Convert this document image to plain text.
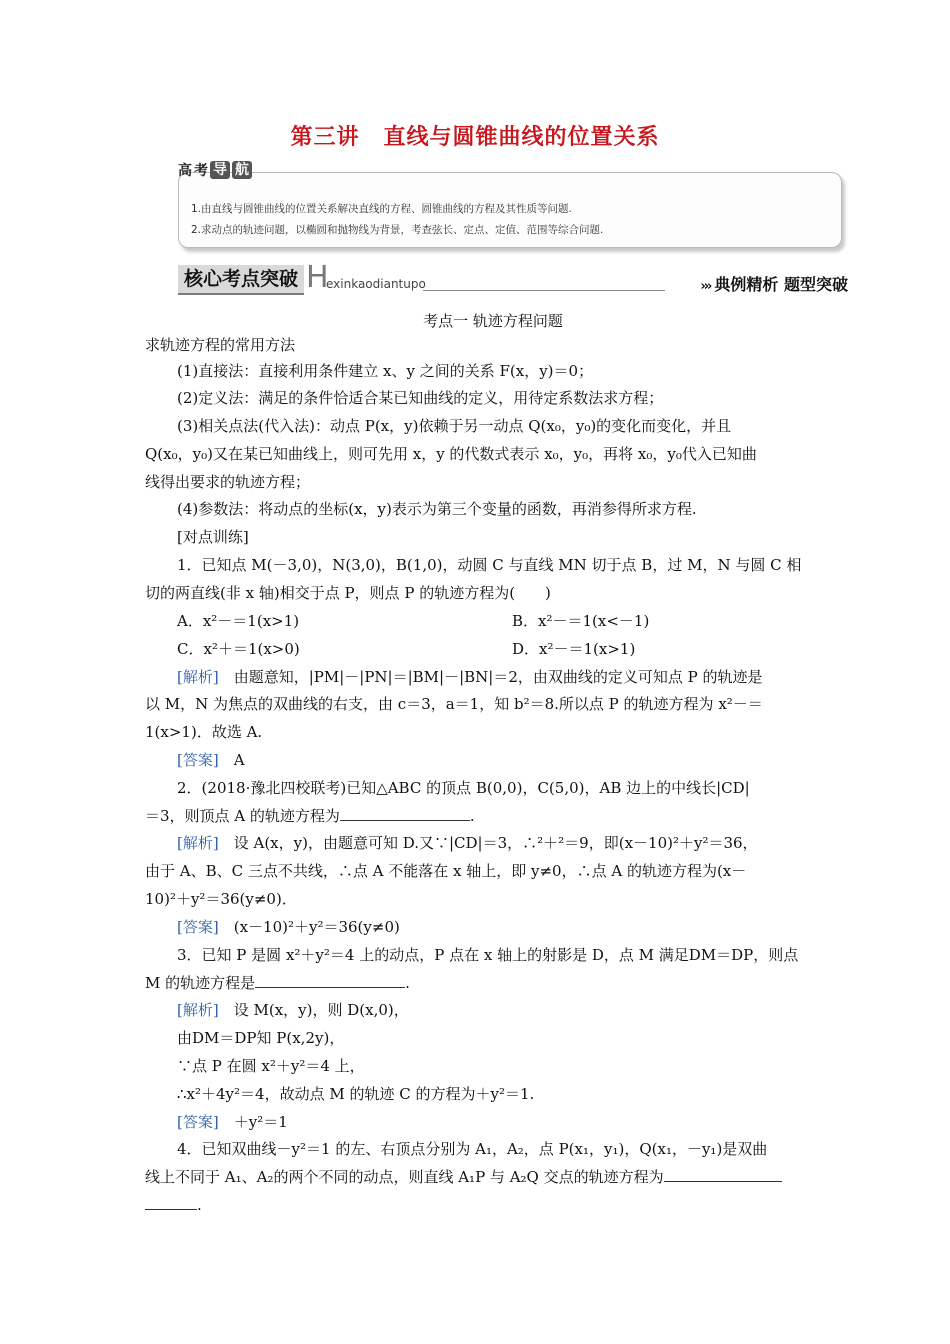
第三讲 直线与圆锥曲线的位置关系
1.由直线与圆锥曲线的位置关系解决直线的方程、圆锥曲线的方程及其性质等问题.
2.求动点的轨迹问题，以椭圆和抛物线为背景，考查弦长、定点、定值、范围等综合问题.
高 考 导 航
核心考点突破 H
exinkaodiantupo	››› 典例精析 题型突破
考点一 轨迹方程问题
求轨迹方程的常用方法
(1)直接法：直接利用条件建立 x、y 之间的关系 F(x，y)＝0；
(2)定义法：满足的条件恰适合某已知曲线的定义，用待定系数法求方程；
(3)相关点法(代入法)：动点 P(x，y)依赖于另一动点 Q(x₀，y₀)的变化而变化，并且
Q(x₀，y₀)又在某已知曲线上，则可先用 x，y 的代数式表示 x₀，y₀，再将 x₀，y₀代入已知曲
线得出要求的轨迹方程；
(4)参数法：将动点的坐标(x，y)表示为第三个变量的函数，再消参得所求方程.
[对点训练]
1．已知点 M(－3,0)，N(3,0)，B(1,0)，动圆 C 与直线 MN 切于点 B，过 M，N 与圆 C 相
切的两直线(非 x 轴)相交于点 P，则点 P 的轨迹方程为(　　)
A．x²－＝1(x>1)	B．x²－＝1(x<－1)
C．x²＋＝1(x>0)	D．x²－＝1(x>1)
[解析]　由题意知，|PM|－|PN|＝|BM|－|BN|＝2，由双曲线的定义可知点 P 的轨迹是
以 M，N 为焦点的双曲线的右支，由 c＝3，a＝1，知 b²＝8.所以点 P 的轨迹方程为 x²－＝
1(x>1)．故选 A.
[答案]　A
2．(2018·豫北四校联考)已知△ABC 的顶点 B(0,0)，C(5,0)，AB 边上的中线长|CD|
＝3，则顶点 A 的轨迹方程为	.
[解析]　设 A(x，y)，由题意可知 D.又∵|CD|＝3，∴²＋²＝9，即(x－10)²＋y²＝36，
由于 A、B、C 三点不共线，∴点 A 不能落在 x 轴上，即 y≠0，∴点 A 的轨迹方程为(x－
10)²＋y²＝36(y≠0)．
[答案]　(x－10)²＋y²＝36(y≠0)
3．已知 P 是圆 x²＋y²＝4 上的动点，P 点在 x 轴上的射影是 D，点 M 满足DM＝DP，则点
M 的轨迹方程是	.
[解析]　设 M(x，y)，则 D(x,0)，
由DM＝DP知 P(x,2y)，
∵点 P 在圆 x²＋y²＝4 上，
∴x²＋4y²＝4，故动点 M 的轨迹 C 的方程为＋y²＝1.
[答案]　＋y²＝1
4．已知双曲线－y²＝1 的左、右顶点分别为 A₁，A₂，点 P(x₁，y₁)，Q(x₁，－y₁)是双曲
线上不同于 A₁、A₂的两个不同的动点，则直线 A₁P 与 A₂Q 交点的轨迹方程为
.
